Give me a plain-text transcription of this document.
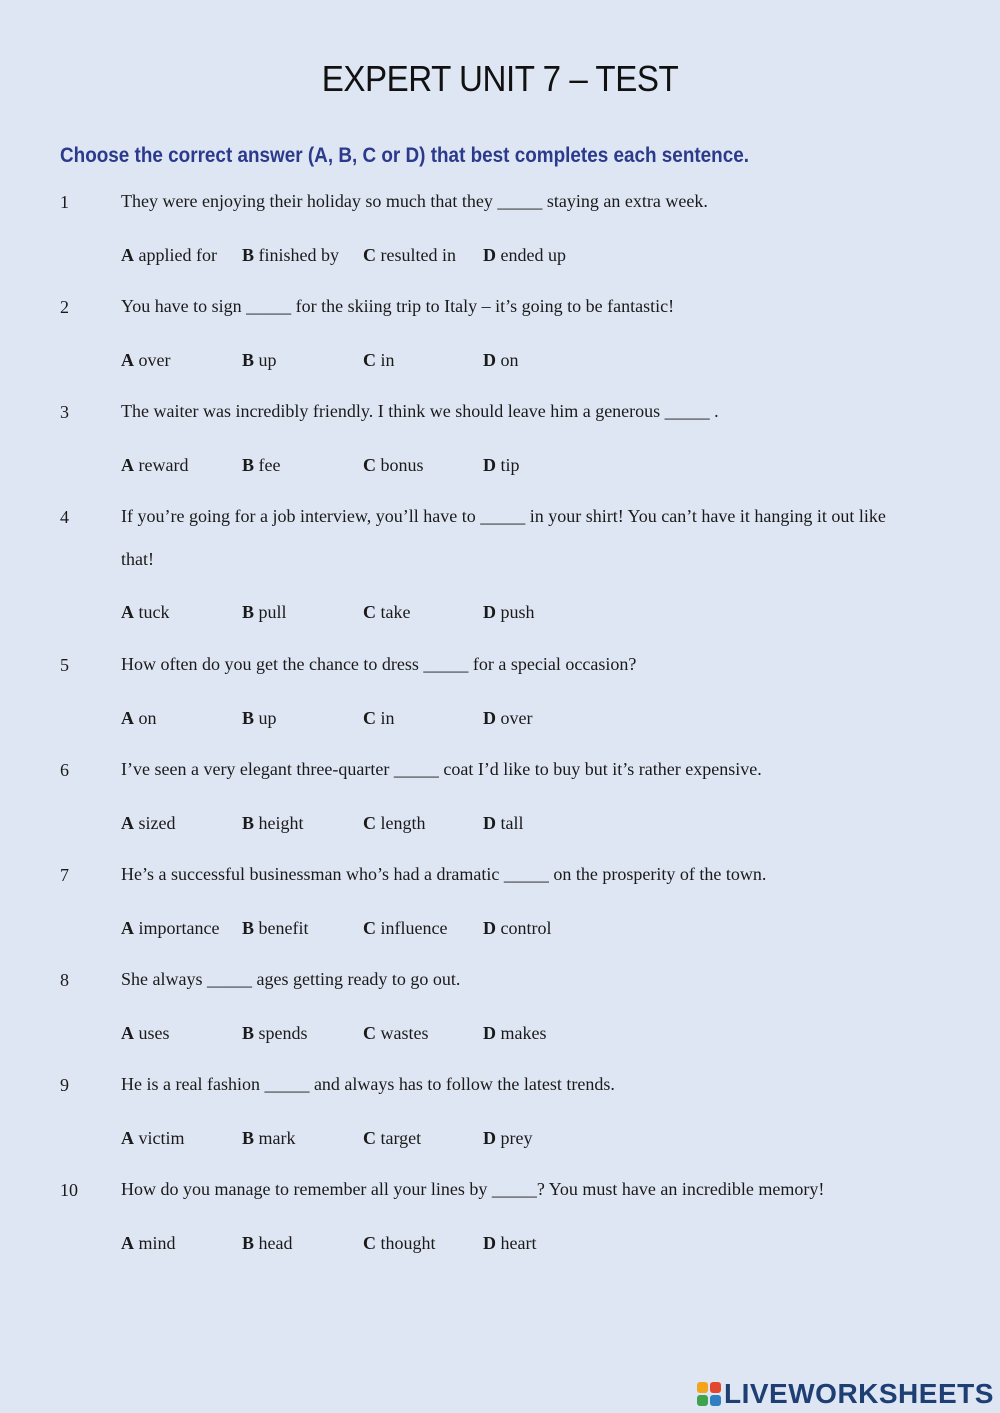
EXPERT UNIT 7 – TEST
Choose the correct answer (A, B, C or D) that best completes each sentence.
1	They were enjoying their holiday so much that they _____ staying an extra week.
A applied for B finished by C resulted in D ended up
2	You have to sign _____ for the skiing trip to Italy – it’s going to be fantastic!
A over	B up	C in	D on
3	The waiter was incredibly friendly. I think we should leave him a generous _____ .
A reward	B fee	C bonus	D tip
4	If you’re going for a job interview, you’ll have to _____ in your shirt! You can’t have it hanging it out like that!
A tuck	B pull	C take	D push
5	How often do you get the chance to dress _____ for a special occasion?
A on	B up	C in	D over
6	I’ve seen a very elegant three-quarter _____ coat I’d like to buy but it’s rather expensive.
A sized	B height	C length	D tall
7	He’s a successful businessman who’s had a dramatic _____ on the prosperity of the town.
A importance B benefit	C influence D control
8	She always _____ ages getting ready to go out.
A uses	B spends	C wastes	D makes
9	He is a real fashion _____ and always has to follow the latest trends.
A victim	B mark	C target	D prey
10 How do you manage to remember all your lines by _____? You must have an incredible memory!
A mind	B head	C thought	D heart
LIVEWORKSHEETS
